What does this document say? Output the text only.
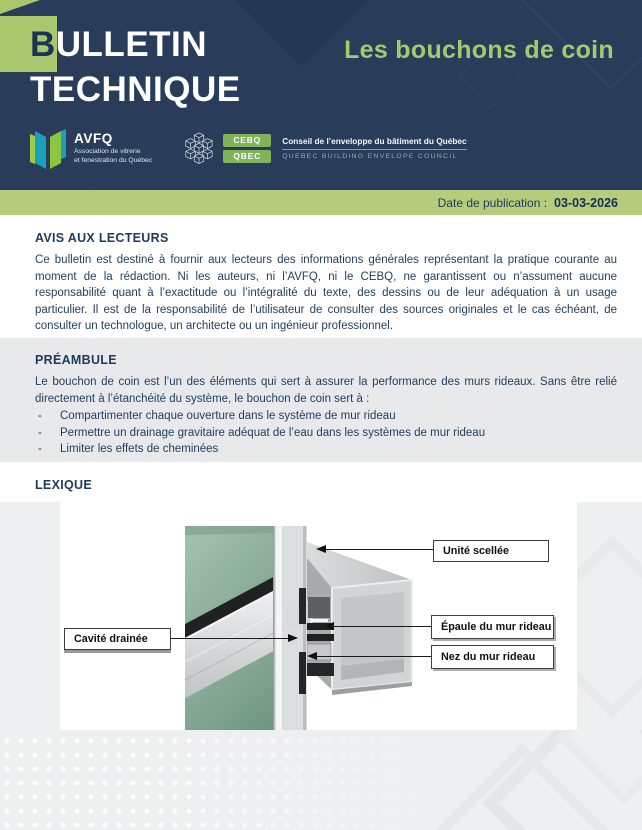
BULLETIN
TECHNIQUE
Les bouchons de coin
AVFQ
Association de vitrerie
et fenestration du Québec
CEBQ
QBEC
Conseil de l’enveloppe du bâtiment du Québec
QUEBEC BUILDING ENVELOPE COUNCIL
Date de publication : 03-03-2026
AVIS AUX LECTEURS

Ce bulletin est destiné à fournir aux lecteurs des informations générales représentant la pratique courante au moment de la rédaction. Ni les auteurs, ni l’AVFQ, ni le CEBQ, ne garantissent ou n’assument aucune responsabilité quant à l’exactitude ou l’intégralité du texte, des dessins ou de leur adéquation à un usage particulier. Il est de la responsabilité de l’utilisateur de consulter des sources originales et le cas échéant, de consulter un technologue, un architecte ou un ingénieur professionnel.

PRÉAMBULE

Le bouchon de coin est l’un des éléments qui sert à assurer la performance des murs rideaux. Sans être relié directement à l’étanchéité du système, le bouchon de coin sert à :

-	Compartimenter chaque ouverture dans le système de mur rideau
-	Permettre un drainage gravitaire adéquat de l’eau dans les systèmes de mur rideau
-	Limiter les effets de cheminées
LEXIQUE
Unité scellée
Épaule du mur rideau
Nez du mur rideau
Cavité drainée
